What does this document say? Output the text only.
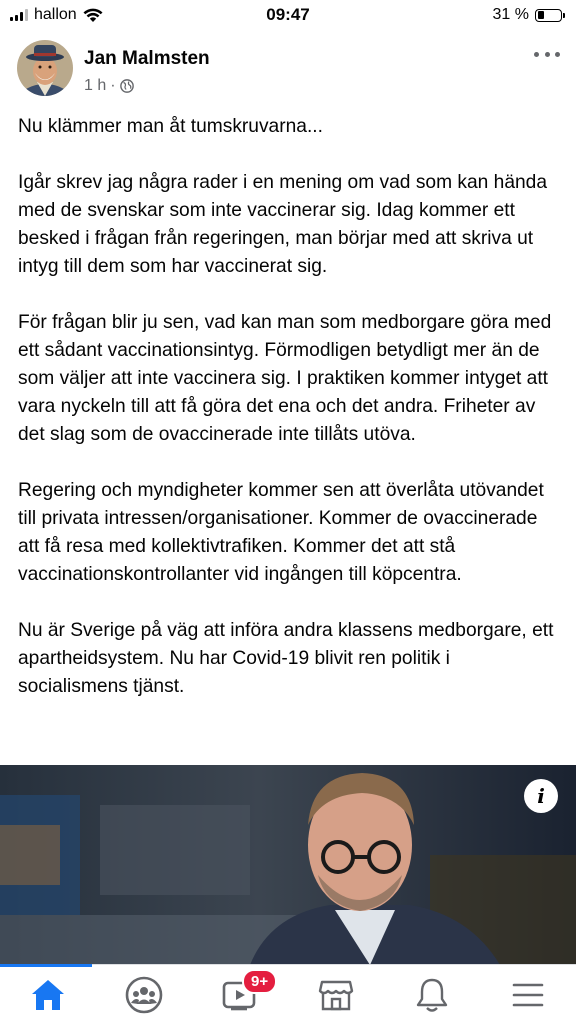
hallon	09:47	31 %
Jan Malmsten
1 h ·

Nu klämmer man åt tumskruvarna...

Igår skrev jag några rader i en mening om vad som kan hända med de svenskar som inte vaccinerar sig. Idag kommer ett besked i frågan från regeringen, man börjar med att skriva ut intyg till dem som har vaccinerat sig.

För frågan blir ju sen, vad kan man som medborgare göra med ett sådant vaccinationsintyg. Förmodligen betydligt mer än de som väljer att inte vaccinera sig. I praktiken kommer intyget att vara nyckeln till att få göra det ena och det andra. Friheter av det slag som de ovaccinerade inte tillåts utöva.

Regering och myndigheter kommer sen att överlåta utövandet till privata intressen/organisationer. Kommer de ovaccinerade att få resa med kollektivtrafiken. Kommer det att stå vaccinationskontrollanter vid ingången till köpcentra.

Nu är Sverige på väg att införa andra klassens medborgare, ett apartheidsystem. Nu har Covid-19 blivit ren politik i socialismens tjänst.

i
9+
